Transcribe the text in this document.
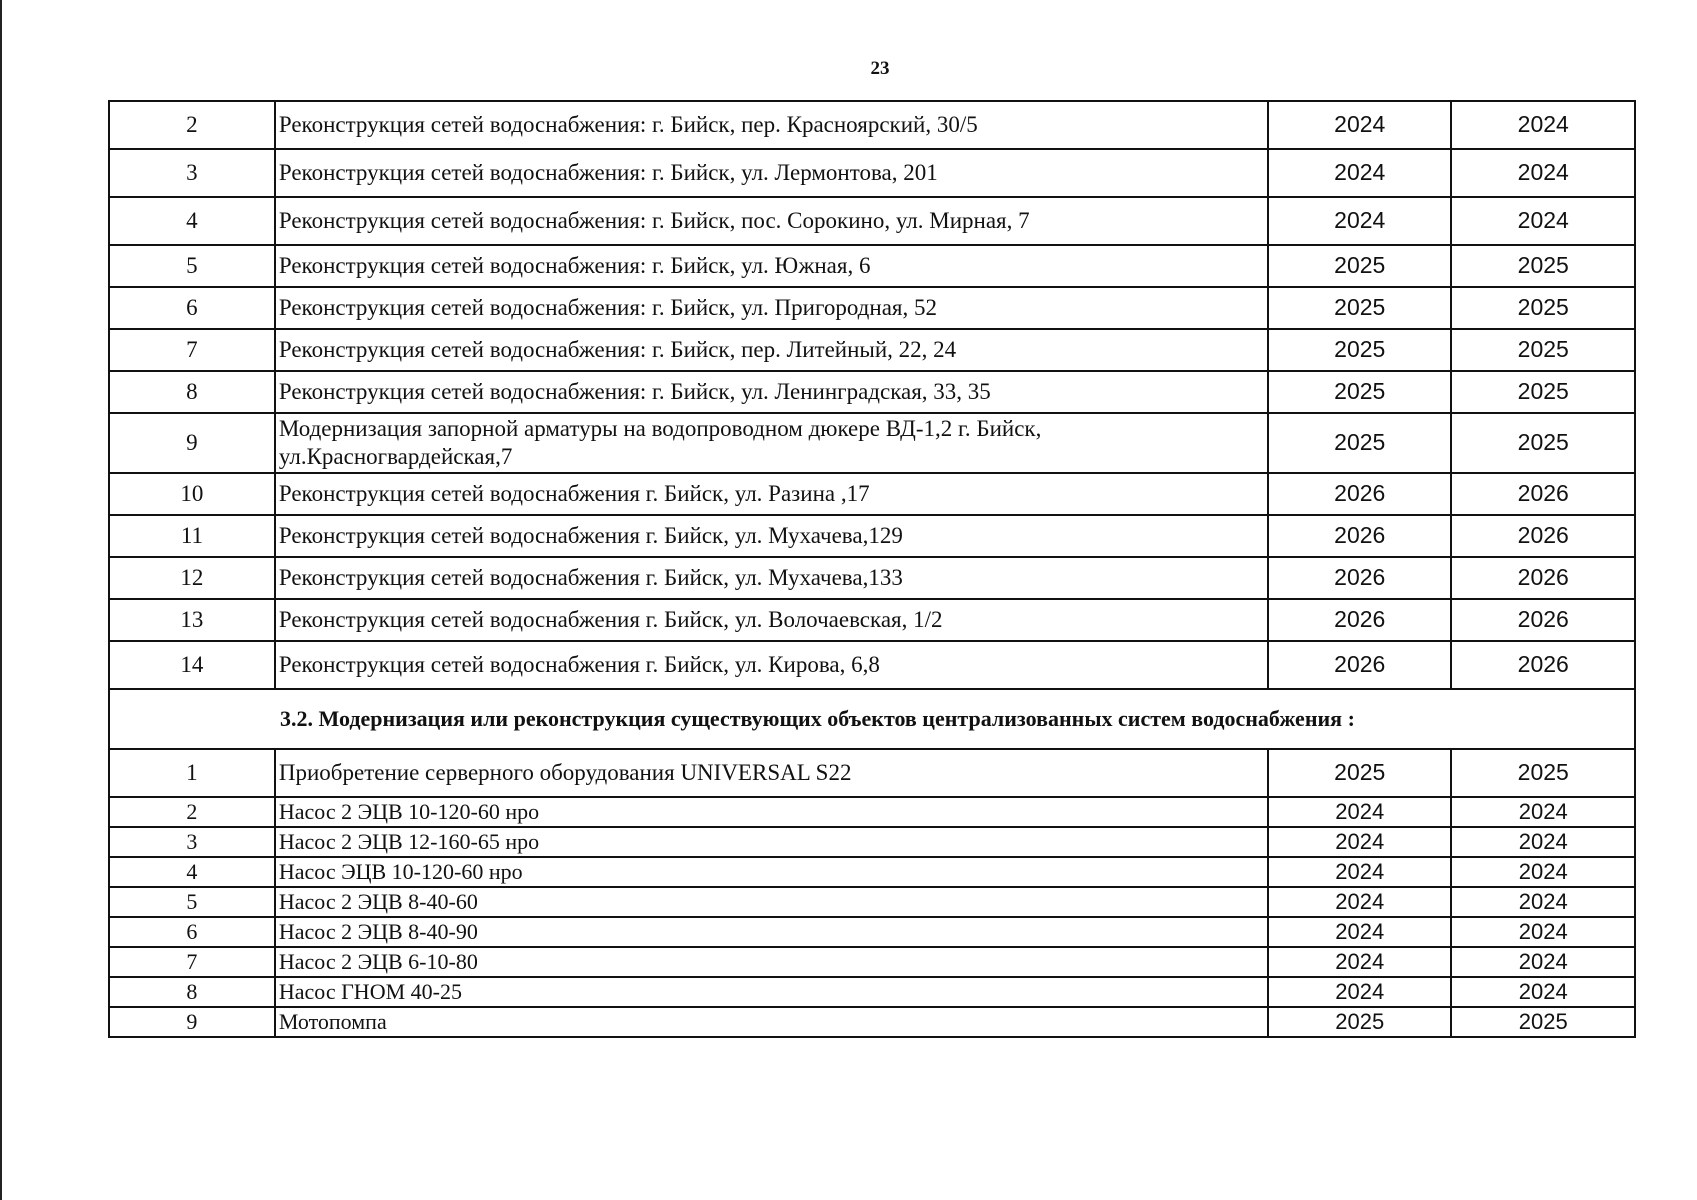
23
2	Реконструкция сетей водоснабжения: г. Бийск, пер. Красноярский, 30/5	2024	2024
3	Реконструкция сетей водоснабжения: г. Бийск, ул. Лермонтова, 201	2024	2024
4	Реконструкция сетей водоснабжения: г. Бийск, пос. Сорокино, ул. Мирная, 7	2024	2024
5	Реконструкция сетей водоснабжения: г. Бийск, ул. Южная, 6	2025	2025
6	Реконструкция сетей водоснабжения: г. Бийск, ул. Пригородная, 52	2025	2025
7	Реконструкция сетей водоснабжения: г. Бийск, пер. Литейный, 22, 24	2025	2025
8	Реконструкция сетей водоснабжения: г. Бийск, ул. Ленинградская, 33, 35	2025	2025
9	Модернизация запорной арматуры на водопроводном дюкере ВД-1,2 г. Бийск,
ул.Красногвардейская,7	2025	2025
10	Реконструкция сетей водоснабжения г. Бийск, ул. Разина ,17	2026	2026
11	Реконструкция сетей водоснабжения г. Бийск, ул. Мухачева,129	2026	2026
12	Реконструкция сетей водоснабжения г. Бийск, ул. Мухачева,133	2026	2026
13	Реконструкция сетей водоснабжения г. Бийск, ул. Волочаевская, 1/2	2026	2026
14	Реконструкция сетей водоснабжения г. Бийск, ул. Кирова, 6,8	2026	2026
3.2. Модернизация или реконструкция существующих объектов централизованных систем водоснабжения :			
1	Приобретение серверного оборудования UNIVERSAL S22	2025	2025
2	Насос 2 ЭЦВ 10-120-60 нро	2024	2024
3	Насос 2 ЭЦВ 12-160-65 нро	2024	2024
4	Насос ЭЦВ 10-120-60 нро	2024	2024
5	Насос 2 ЭЦВ 8-40-60	2024	2024
6	Насос 2 ЭЦВ 8-40-90	2024	2024
7	Насос 2 ЭЦВ 6-10-80	2024	2024
8	Насос ГНОМ 40-25	2024	2024
9	Мотопомпа	2025	2025
